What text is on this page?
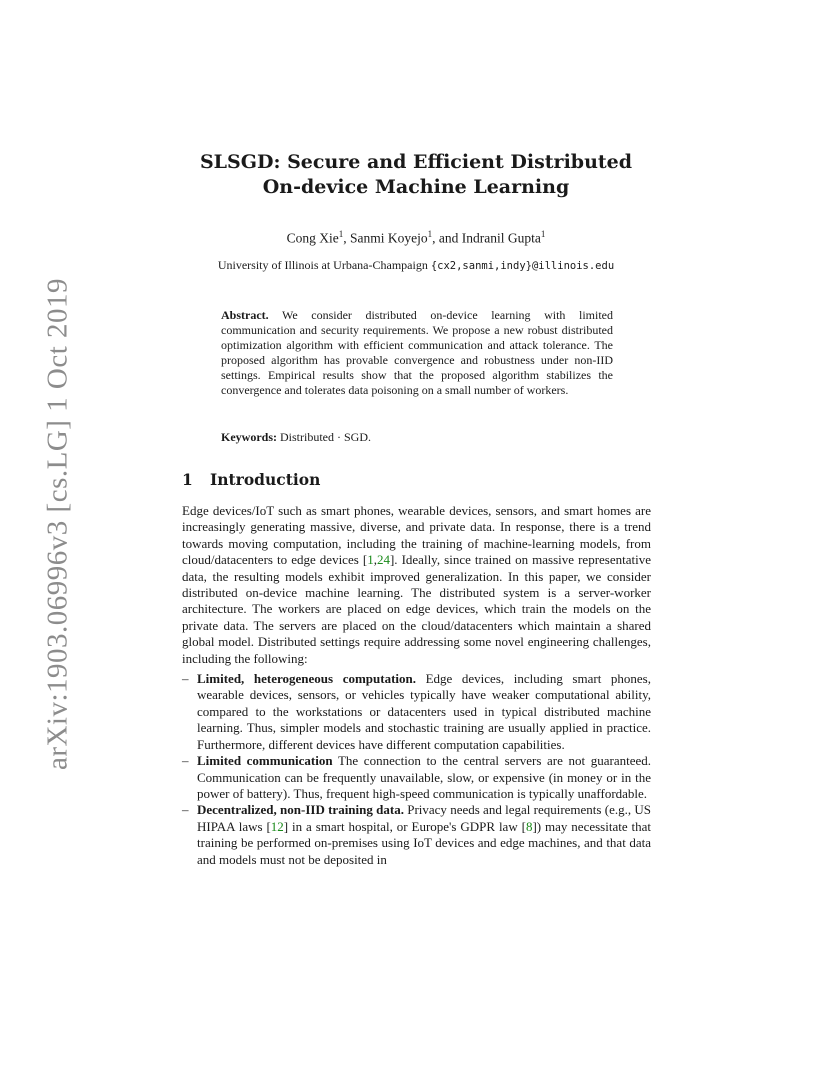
arXiv:1903.06996v3 [cs.LG] 1 Oct 2019
SLSGD: Secure and Efficient Distributed
On-device Machine Learning
Cong Xie$^1$, Sanmi Koyejo$^1$, and Indranil Gupta$^1$
University of Illinois at Urbana-Champaign {cx2,sanmi,indy}@illinois.edu
Abstract. We consider distributed on-device learning with limited communication and security requirements. We propose a new robust distributed optimization algorithm with efficient communication and attack tolerance. The proposed algorithm has provable convergence and robustness under non-IID settings. Empirical results show that the proposed algorithm stabilizes the convergence and tolerates data poisoning on a small number of workers.
Keywords: Distributed · SGD.
1 Introduction

Edge devices/IoT such as smart phones, wearable devices, sensors, and smart homes are increasingly generating massive, diverse, and private data. In response, there is a trend towards moving computation, including the training of machine-learning models, from cloud/datacenters to edge devices [1,24]. Ideally, since trained on massive representative data, the resulting models exhibit improved generalization. In this paper, we consider distributed on-device machine learning. The distributed system is a server-worker architecture. The workers are placed on edge devices, which train the models on the private data. The servers are placed on the cloud/datacenters which maintain a shared global model. Distributed settings require addressing some novel engineering challenges, including the following:

– Limited, heterogeneous computation. Edge devices, including smart phones, wearable devices, sensors, or vehicles typically have weaker computational ability, compared to the workstations or datacenters used in typical distributed machine learning. Thus, simpler models and stochastic training are usually applied in practice. Furthermore, different devices have different computation capabilities.
– Limited communication The connection to the central servers are not guaranteed. Communication can be frequently unavailable, slow, or expensive (in money or in the power of battery). Thus, frequent high-speed communication is typically unaffordable.
– Decentralized, non-IID training data. Privacy needs and legal requirements (e.g., US HIPAA laws [12] in a smart hospital, or Europe's GDPR law [8]) may necessitate that training be performed on-premises using IoT devices and edge machines, and that data and models must not be deposited in
